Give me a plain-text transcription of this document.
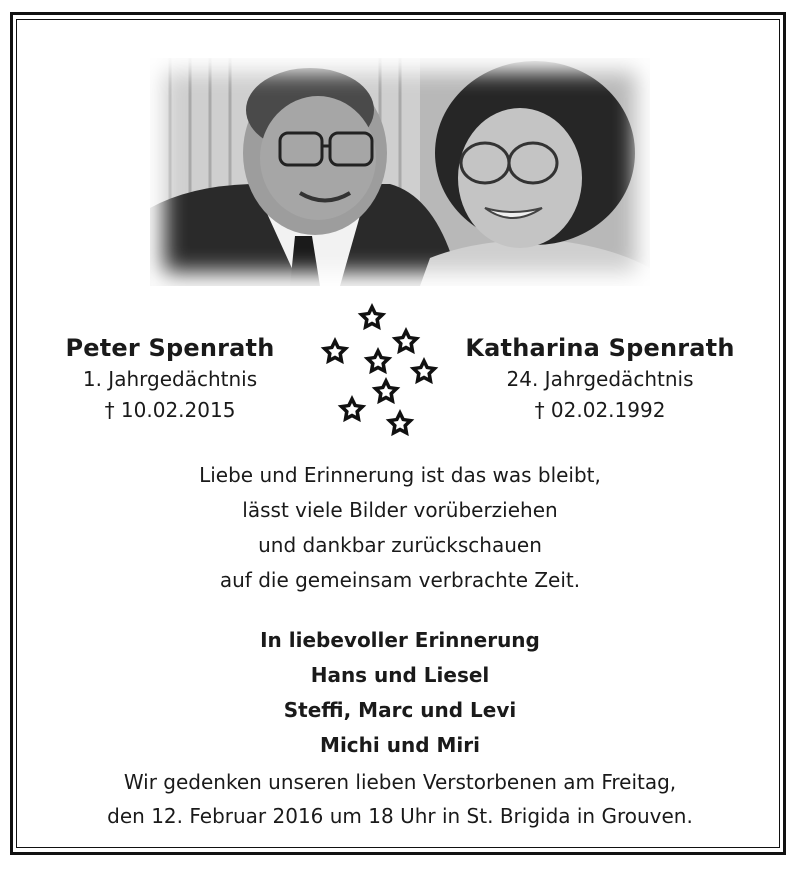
Peter Spenrath
1. Jahrgedächtnis
† 10.02.2015
Katharina Spenrath
24. Jahrgedächtnis
† 02.02.1992
Liebe und Erinnerung ist das was bleibt,
lässt viele Bilder vorüberziehen
und dankbar zurückschauen
auf die gemeinsam verbrachte Zeit.
In liebevoller Erinnerung
Hans und Liesel
Steffi, Marc und Levi
Michi und Miri
Wir gedenken unseren lieben Verstorbenen am Freitag,
den 12. Februar 2016 um 18 Uhr in St. Brigida in Grouven.
